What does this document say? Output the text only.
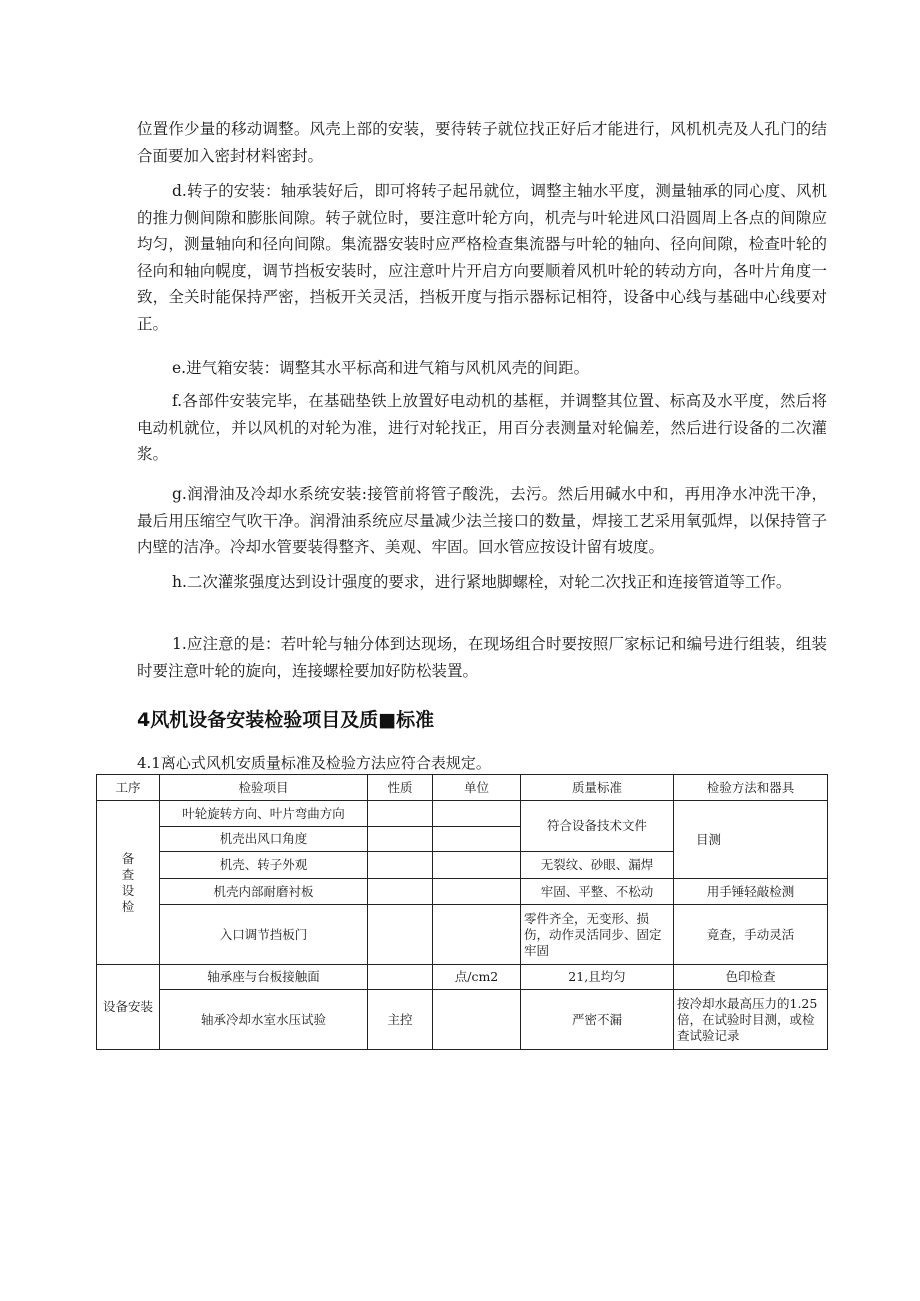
位置作少量的移动调整。风壳上部的安装，要待转子就位找正好后才能进行，风机机壳及人孔门的结合面要加入密封材料密封。

d.转子的安装：轴承装好后，即可将转子起吊就位，调整主轴水平度，测量轴承的同心度、风机的推力侧间隙和膨胀间隙。转子就位时，要注意叶轮方向，机壳与叶轮进风口沿圆周上各点的间隙应均匀，测量轴向和径向间隙。集流器安装时应严格检查集流器与叶轮的轴向、径向间隙，检查叶轮的径向和轴向幌度，调节挡板安装时，应注意叶片开启方向要顺着风机叶轮的转动方向，各叶片角度一致，全关时能保持严密，挡板开关灵活，挡板开度与指示器标记相符，设备中心线与基础中心线要对正。

e.进气箱安装：调整其水平标高和进气箱与风机风壳的间距。

f.各部件安装完毕，在基础垫铁上放置好电动机的基框，并调整其位置、标高及水平度，然后将电动机就位，并以风机的对轮为准，进行对轮找正，用百分表测量对轮偏差，然后进行设备的二次灌浆。

g.润滑油及冷却水系统安装:接管前将管子酸洗，去污。然后用碱水中和，再用净水冲洗干净，最后用压缩空气吹干净。润滑油系统应尽量减少法兰接口的数量，焊接工艺采用氧弧焊，以保持管子内壁的洁净。冷却水管要装得整齐、美观、牢固。回水管应按设计留有坡度。

h.二次灌浆强度达到设计强度的要求，进行紧地脚螺栓，对轮二次找正和连接管道等工作。

1.应注意的是：若叶轮与轴分体到达现场，在现场组合时要按照厂家标记和编号进行组装，组装时要注意叶轮的旋向，连接螺栓要加好防松装置。

4风机设备安装检验项目及质■标准

4.1离心式风机安质量标准及检验方法应符合表规定。

工序	检验项目	性质	单位	质量标准	检验方法和器具

备
查
设
检	叶轮旋转方向、叶片弯曲方向			符合设备技术文件	目测
	机壳出风口角度				
	机壳、转子外观			无裂纹、砂眼、漏焊	
	机壳内部耐磨衬板			牢固、平整、不松动	用手锤轻敲检测
	入口调节挡板门			零件齐全，无变形、损伤，动作灵活同步、固定牢固	竟查，手动灵活
设备安装	轴承座与台板接触面		点/cm2	21,且均匀	色印检查
	轴承冷却水室水压试验	主控		严密不漏	按冷却水最高压力的1.25倍，在试验时目测，或检查试验记录
